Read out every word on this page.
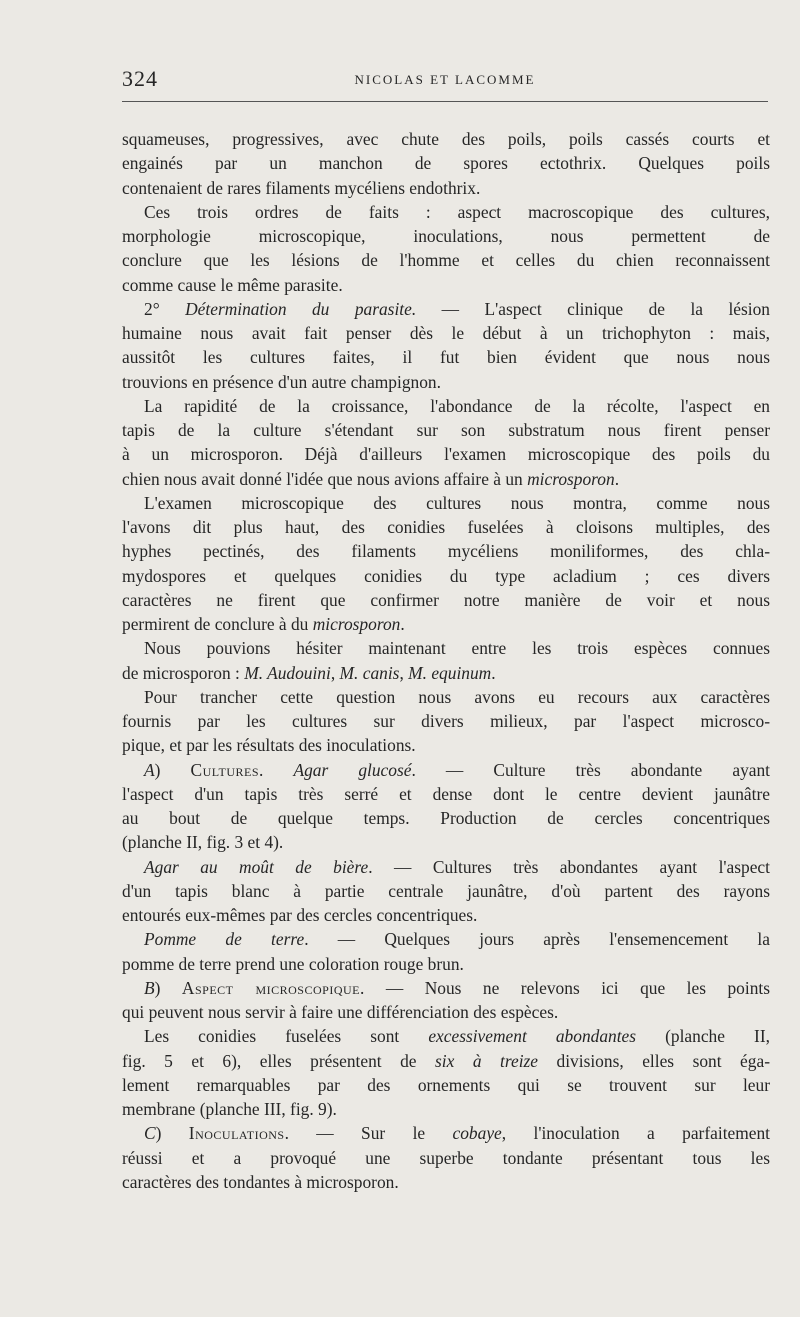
324	NICOLAS ET LACOMME
squameuses, progressives, avec chute des poils, poils cassés courts et
engainés par un manchon de spores ectothrix. Quelques poils
contenaient de rares filaments mycéliens endothrix.
Ces trois ordres de faits : aspect macroscopique des cultures,
morphologie microscopique, inoculations, nous permettent de
conclure que les lésions de l'homme et celles du chien reconnaissent
comme cause le même parasite.
2° Détermination du parasite. — L'aspect clinique de la lésion
humaine nous avait fait penser dès le début à un trichophyton : mais,
aussitôt les cultures faites, il fut bien évident que nous nous
trouvions en présence d'un autre champignon.
La rapidité de la croissance, l'abondance de la récolte, l'aspect en
tapis de la culture s'étendant sur son substratum nous firent penser
à un microsporon. Déjà d'ailleurs l'examen microscopique des poils du
chien nous avait donné l'idée que nous avions affaire à un microsporon.
L'examen microscopique des cultures nous montra, comme nous
l'avons dit plus haut, des conidies fuselées à cloisons multiples, des
hyphes pectinés, des filaments mycéliens moniliformes, des chla-
mydospores et quelques conidies du type acladium ; ces divers
caractères ne firent que confirmer notre manière de voir et nous
permirent de conclure à du microsporon.
Nous pouvions hésiter maintenant entre les trois espèces connues
de microsporon : M. Audouini, M. canis, M. equinum.
Pour trancher cette question nous avons eu recours aux caractères
fournis par les cultures sur divers milieux, par l'aspect microsco-
pique, et par les résultats des inoculations.
A) Cultures. Agar glucosé. — Culture très abondante ayant
l'aspect d'un tapis très serré et dense dont le centre devient jaunâtre
au bout de quelque temps. Production de cercles concentriques
(planche II, fig. 3 et 4).
Agar au moût de bière. — Cultures très abondantes ayant l'aspect
d'un tapis blanc à partie centrale jaunâtre, d'où partent des rayons
entourés eux-mêmes par des cercles concentriques.
Pomme de terre. — Quelques jours après l'ensemencement la
pomme de terre prend une coloration rouge brun.
B) Aspect microscopique. — Nous ne relevons ici que les points
qui peuvent nous servir à faire une différenciation des espèces.
Les conidies fuselées sont excessivement abondantes (planche II,
fig. 5 et 6), elles présentent de six à treize divisions, elles sont éga-
lement remarquables par des ornements qui se trouvent sur leur
membrane (planche III, fig. 9).
C) Inoculations. — Sur le cobaye, l'inoculation a parfaitement
réussi et a provoqué une superbe tondante présentant tous les
caractères des tondantes à microsporon.
